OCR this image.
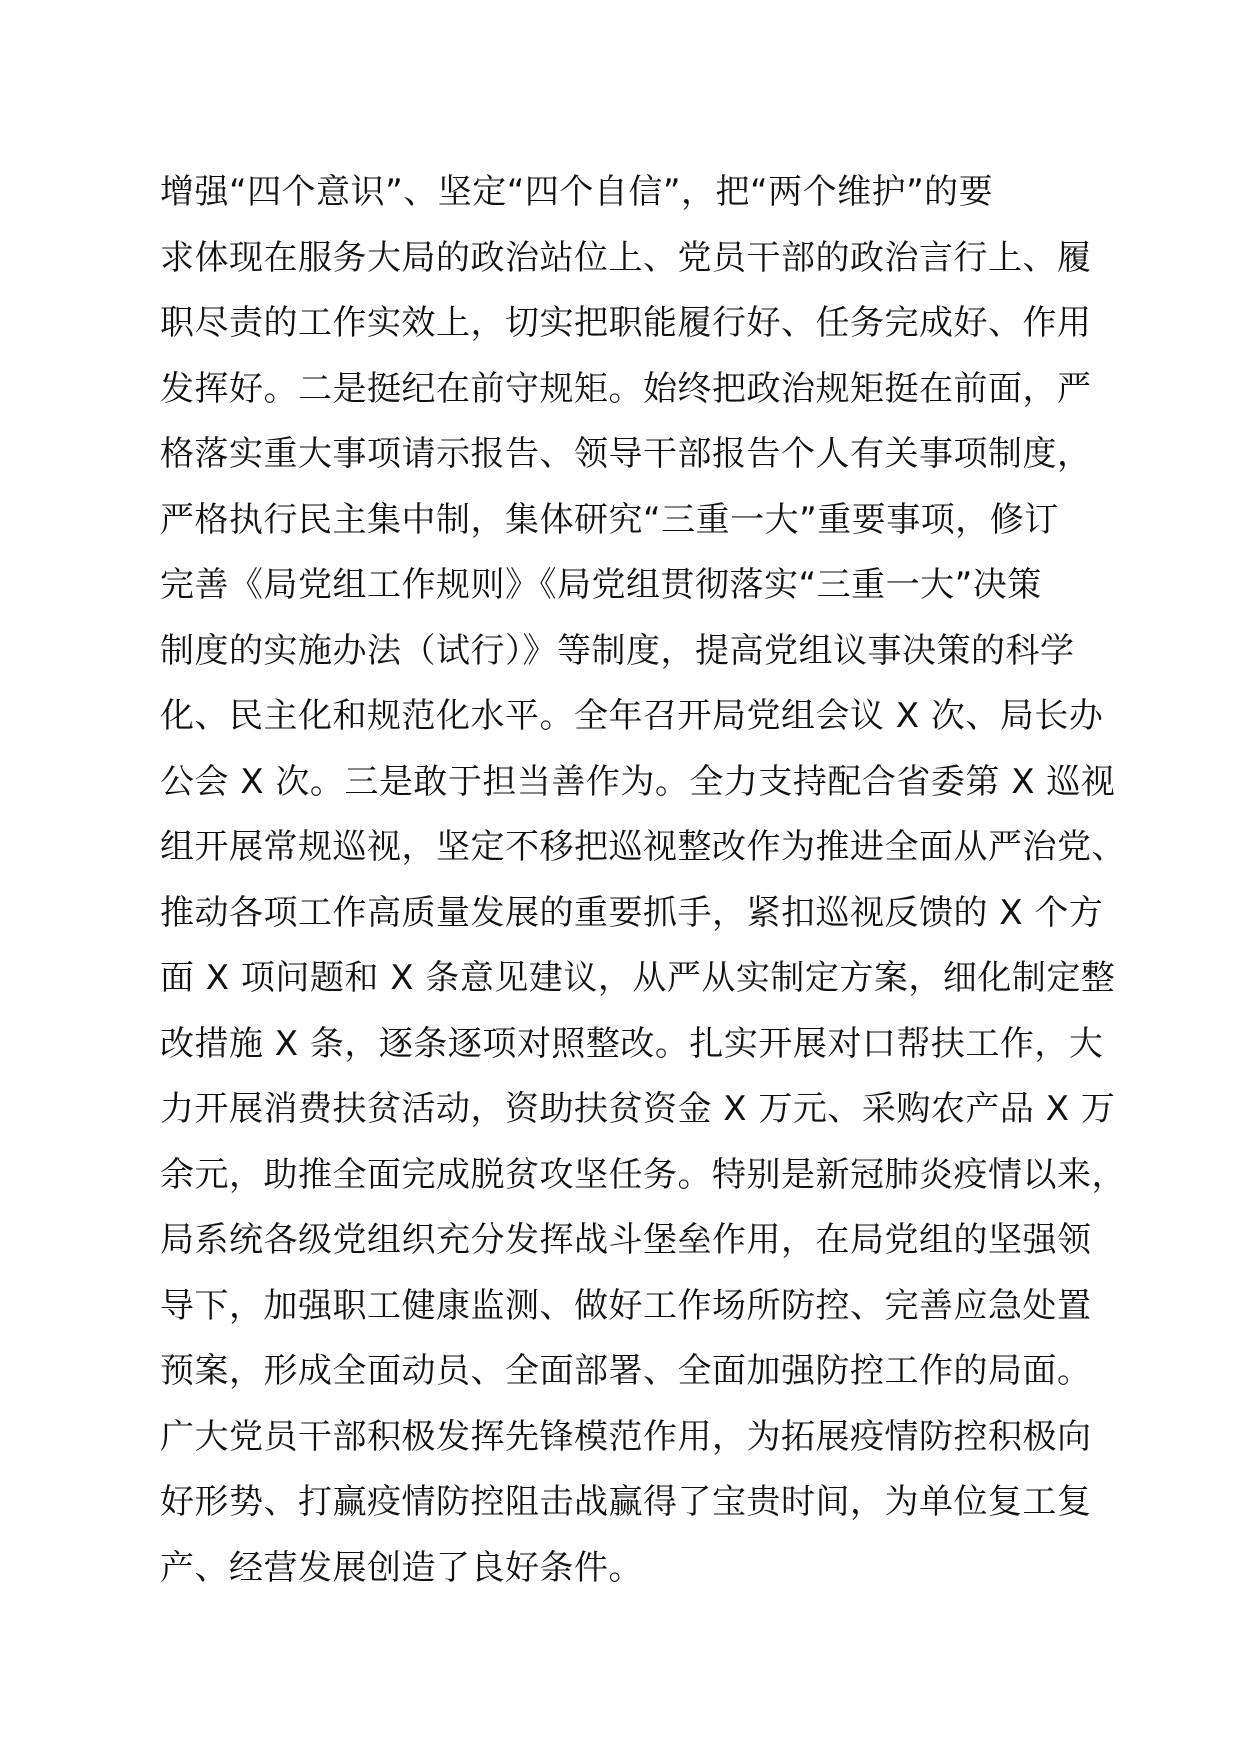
增强“四个意识”、坚定“四个自信”，把“两个维护”的要
求体现在服务大局的政治站位上、党员干部的政治言行上、履
职尽责的工作实效上，切实把职能履行好、任务完成好、作用
发挥好。二是挺纪在前守规矩。始终把政治规矩挺在前面，严
格落实重大事项请示报告、领导干部报告个人有关事项制度，
严格执行民主集中制，集体研究“三重一大”重要事项，修订
完善《局党组工作规则》《局党组贯彻落实“三重一大”决策
制度的实施办法（试行）》等制度，提高党组议事决策的科学
化、民主化和规范化水平。全年召开局党组会议 X 次、局长办
公会 X 次。三是敢于担当善作为。全力支持配合省委第 X 巡视
组开展常规巡视，坚定不移把巡视整改作为推进全面从严治党、
推动各项工作高质量发展的重要抓手，紧扣巡视反馈的 X 个方
面 X 项问题和 X 条意见建议，从严从实制定方案，细化制定整
改措施 X 条，逐条逐项对照整改。扎实开展对口帮扶工作，大
力开展消费扶贫活动，资助扶贫资金 X 万元、采购农产品 X 万
余元，助推全面完成脱贫攻坚任务。特别是新冠肺炎疫情以来，
局系统各级党组织充分发挥战斗堡垒作用，在局党组的坚强领
导下，加强职工健康监测、做好工作场所防控、完善应急处置
预案，形成全面动员、全面部署、全面加强防控工作的局面。
广大党员干部积极发挥先锋模范作用，为拓展疫情防控积极向
好形势、打赢疫情防控阻击战赢得了宝贵时间，为单位复工复
产、经营发展创造了良好条件。
